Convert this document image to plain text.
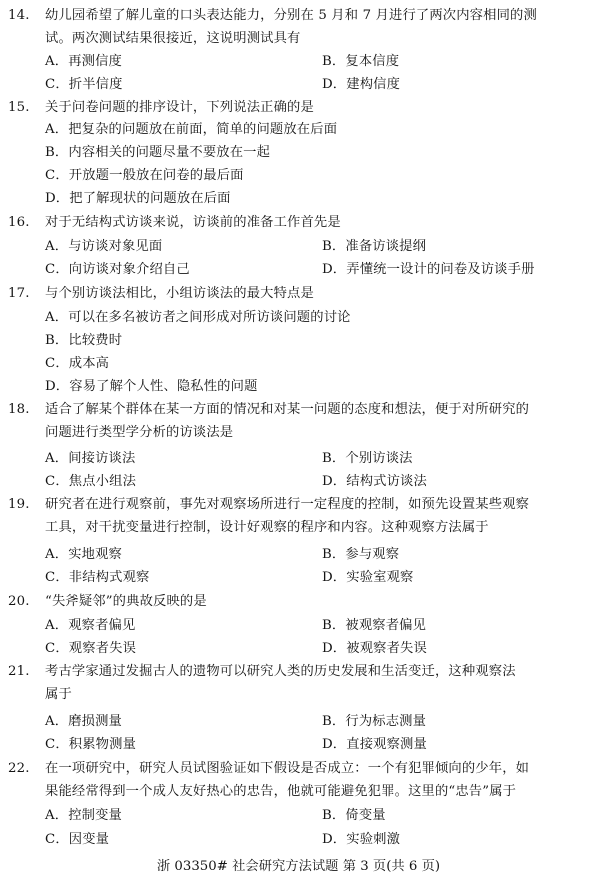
14. 幼儿园希望了解儿童的口头表达能力，分别在 5 月和 7 月进行了两次内容相同的测
试。两次测试结果很接近，这说明测试具有
A．再测信度	B．复本信度
C．折半信度	D．建构信度
15. 关于问卷问题的排序设计，下列说法正确的是
A．把复杂的问题放在前面，简单的问题放在后面
B．内容相关的问题尽量不要放在一起
C．开放题一般放在问卷的最后面
D．把了解现状的问题放在后面
16. 对于无结构式访谈来说，访谈前的准备工作首先是
A．与访谈对象见面	B．准备访谈提纲
C．向访谈对象介绍自己	D．弄懂统一设计的问卷及访谈手册
17. 与个别访谈法相比，小组访谈法的最大特点是
A．可以在多名被访者之间形成对所访谈问题的讨论
B．比较费时
C．成本高
D．容易了解个人性、隐私性的问题
18. 适合了解某个群体在某一方面的情况和对某一问题的态度和想法，便于对所研究的
问题进行类型学分析的访谈法是
A．间接访谈法	B．个别访谈法
C．焦点小组法	D．结构式访谈法
19. 研究者在进行观察前，事先对观察场所进行一定程度的控制，如预先设置某些观察
工具，对干扰变量进行控制，设计好观察的程序和内容。这种观察方法属于
A．实地观察	B．参与观察
C．非结构式观察	D．实验室观察
20. “失斧疑邻”的典故反映的是
A．观察者偏见	B．被观察者偏见
C．观察者失误	D．被观察者失误
21. 考古学家通过发掘古人的遗物可以研究人类的历史发展和生活变迁，这种观察法
属于
A．磨损测量	B．行为标志测量
C．积累物测量	D．直接观察测量
22. 在一项研究中，研究人员试图验证如下假设是否成立：一个有犯罪倾向的少年，如
果能经常得到一个成人友好热心的忠告，他就可能避免犯罪。这里的“忠告”属于
A．控制变量	B．倚变量
C．因变量	D．实验刺激
浙 03350# 社会研究方法试题 第 3 页(共 6 页)
